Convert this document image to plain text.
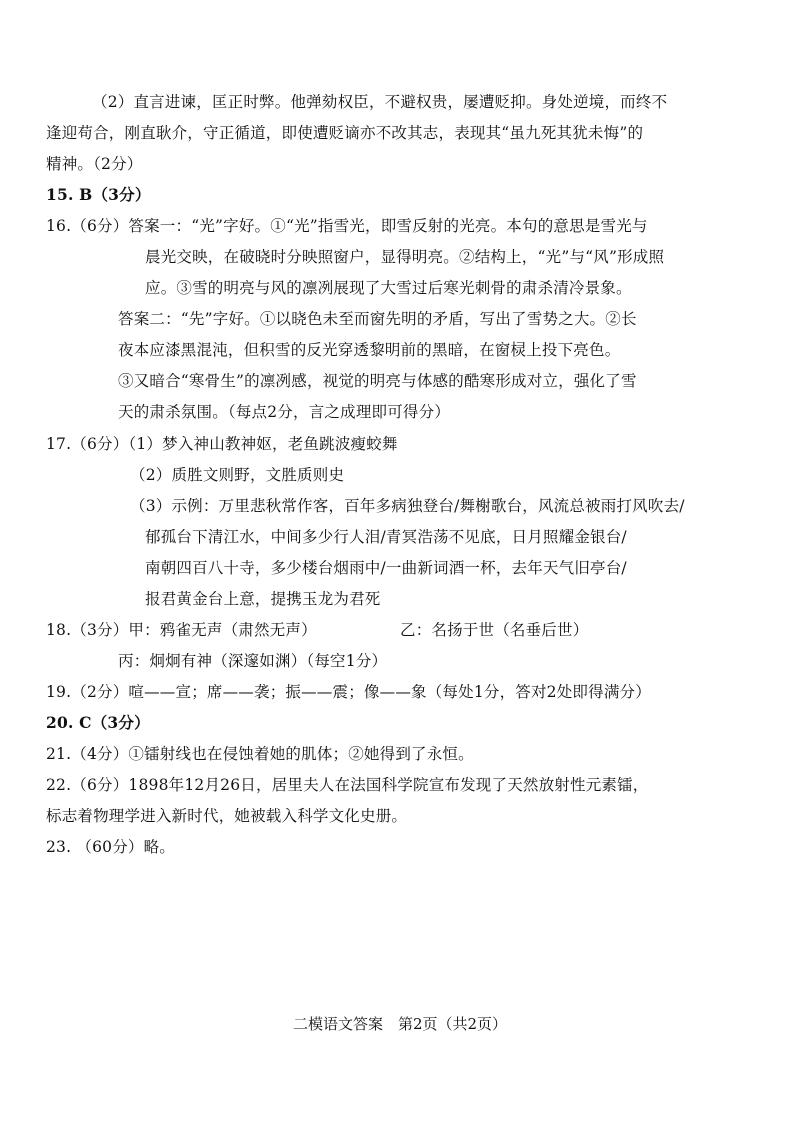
（2）直言进谏，匡正时弊。他弹劾权臣，不避权贵，屡遭贬抑。身处逆境，而终不
逢迎苟合，刚直耿介，守正循道，即使遭贬谪亦不改其志，表现其“虽九死其犹未悔”的
精神。（2分）
15. B（3分）
16.（6分）答案一：“光”字好。①“光”指雪光，即雪反射的光亮。本句的意思是雪光与
晨光交映，在破晓时分映照窗户，显得明亮。②结构上，“光”与“风”形成照
应。③雪的明亮与风的凛冽展现了大雪过后寒光刺骨的肃杀清冷景象。
答案二：“先”字好。①以晓色未至而窗先明的矛盾，写出了雪势之大。②长
夜本应漆黑混沌，但积雪的反光穿透黎明前的黑暗，在窗棂上投下亮色。
③又暗合“寒骨生”的凛冽感，视觉的明亮与体感的酷寒形成对立，强化了雪
天的肃杀氛围。（每点2分，言之成理即可得分）
17.（6分）（1）梦入神山教神妪，老鱼跳波瘦蛟舞
（2）质胜文则野，文胜质则史
（3）示例：万里悲秋常作客，百年多病独登台/舞榭歌台，风流总被雨打风吹去/
郁孤台下清江水，中间多少行人泪/青冥浩荡不见底，日月照耀金银台/
南朝四百八十寺，多少楼台烟雨中/一曲新词酒一杯，去年天气旧亭台/
报君黄金台上意，提携玉龙为君死
18.（3分）甲：鸦雀无声（肃然无声）	乙：名扬于世（名垂后世）
丙：炯炯有神（深邃如渊）（每空1分）
19.（2分）喧——宣；席——袭；振——震；像——象（每处1分，答对2处即得满分）
20. C（3分）
21.（4分）①镭射线也在侵蚀着她的肌体；②她得到了永恒。
22.（6分）1898年12月26日，居里夫人在法国科学院宣布发现了天然放射性元素镭，
标志着物理学进入新时代，她被载入科学文化史册。
23. （60分）略。
二模语文答案　第2页（共2页）
